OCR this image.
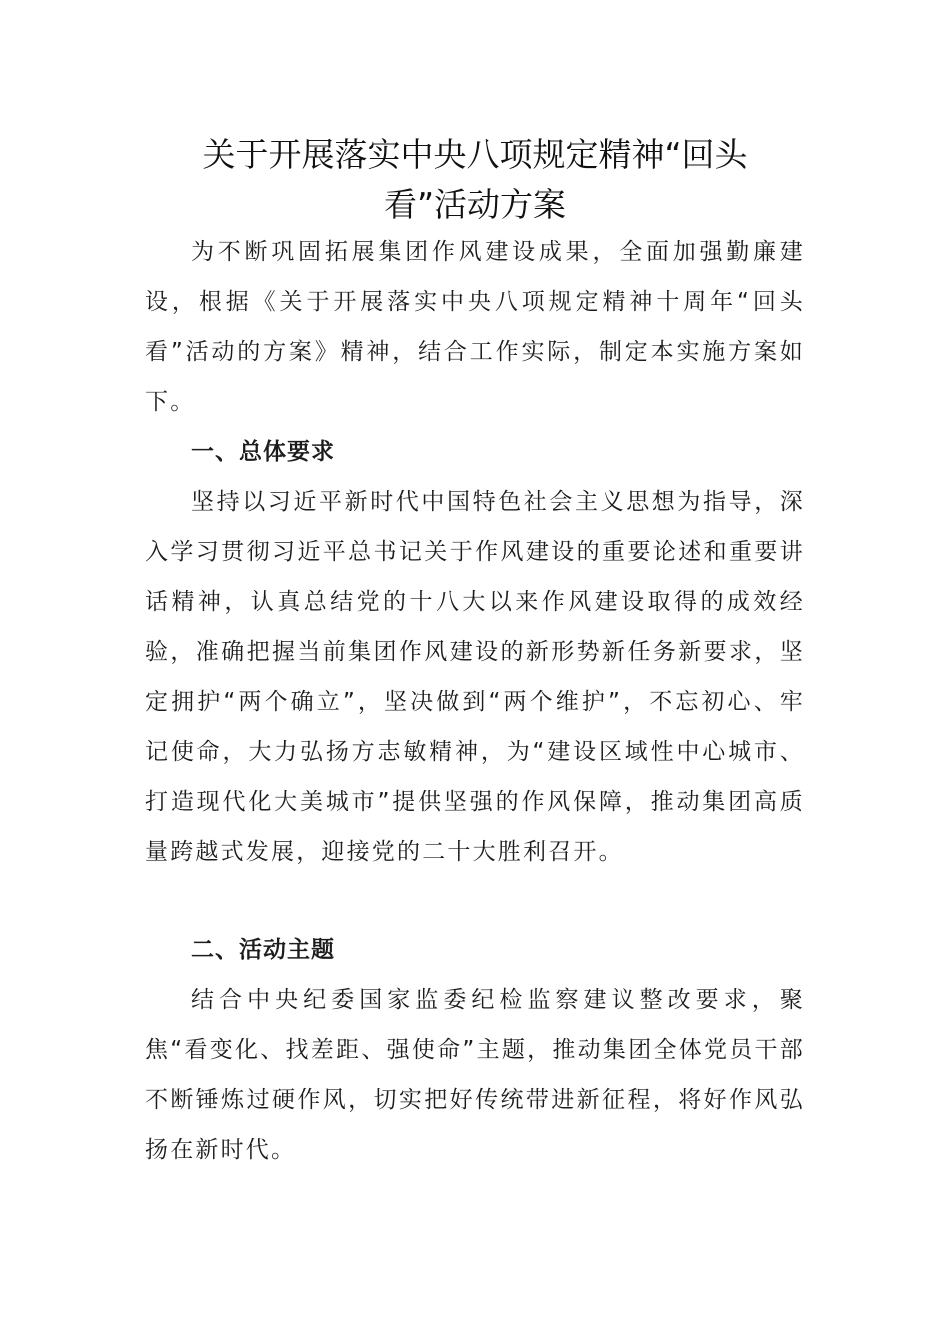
关于开展落实中央八项规定精神“回头
看”活动方案

为不断巩固拓展集团作风建设成果，全面加强勤廉建设，根据《关于开展落实中央八项规定精神十周年“回头看”活动的方案》精神，结合工作实际，制定本实施方案如下。

一、总体要求

坚持以习近平新时代中国特色社会主义思想为指导，深入学习贯彻习近平总书记关于作风建设的重要论述和重要讲话精神，认真总结党的十八大以来作风建设取得的成效经验，准确把握当前集团作风建设的新形势新任务新要求，坚定拥护“两个确立”，坚决做到“两个维护”，不忘初心、牢记使命，大力弘扬方志敏精神，为“建设区域性中心城市、打造现代化大美城市”提供坚强的作风保障，推动集团高质量跨越式发展，迎接党的二十大胜利召开。

二、活动主题

结合中央纪委国家监委纪检监察建议整改要求，聚焦“看变化、找差距、强使命”主题，推动集团全体党员干部不断锤炼过硬作风，切实把好传统带进新征程，将好作风弘扬在新时代。
